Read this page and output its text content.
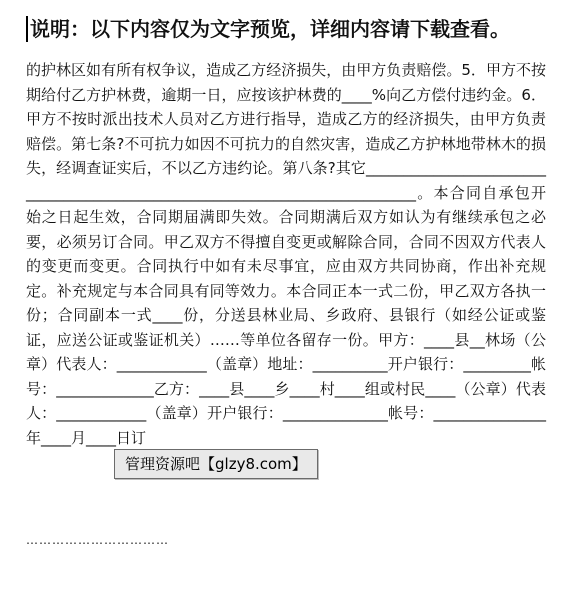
说明：以下内容仅为文字预览，详细内容请下载查看。
的护林区如有所有权争议，造成乙方经济损失，由甲方负责赔偿。5．甲方不按期给付乙方护林费，逾期一日，应按该护林费的____%向乙方偿付违约金。6．甲方不按时派出技术人员对乙方进行指导，造成乙方的经济损失，由甲方负责赔偿。第七条?不可抗力如因不可抗力的自然灾害，造成乙方护林地带林木的损失，经调查证实后，不以乙方违约论。第八条?其它____________________________________________________________________________。本合同自承包开始之日起生效，合同期届满即失效。合同期满后双方如认为有继续承包之必要，必须另订合同。甲乙双方不得擅自变更或解除合同，合同不因双方代表人的变更而变更。合同执行中如有未尽事宜，应由双方共同协商，作出补充规定。补充规定与本合同具有同等效力。本合同正本一式二份，甲乙双方各执一份；合同副本一式____份，分送县林业局、乡政府、县银行（如经公证或鉴证，应送公证或鉴证机关）……等单位各留存一份。甲方：____县__林场（公章）代表人：____________（盖章）地址：__________开户银行：_________帐号：_____________乙方：____县____乡____村____组或村民____（公章）代表人：____________（盖章）开户银行：______________帐号：_______________年____月____日订
……………………………
管理资源吧【glzy8.com】
